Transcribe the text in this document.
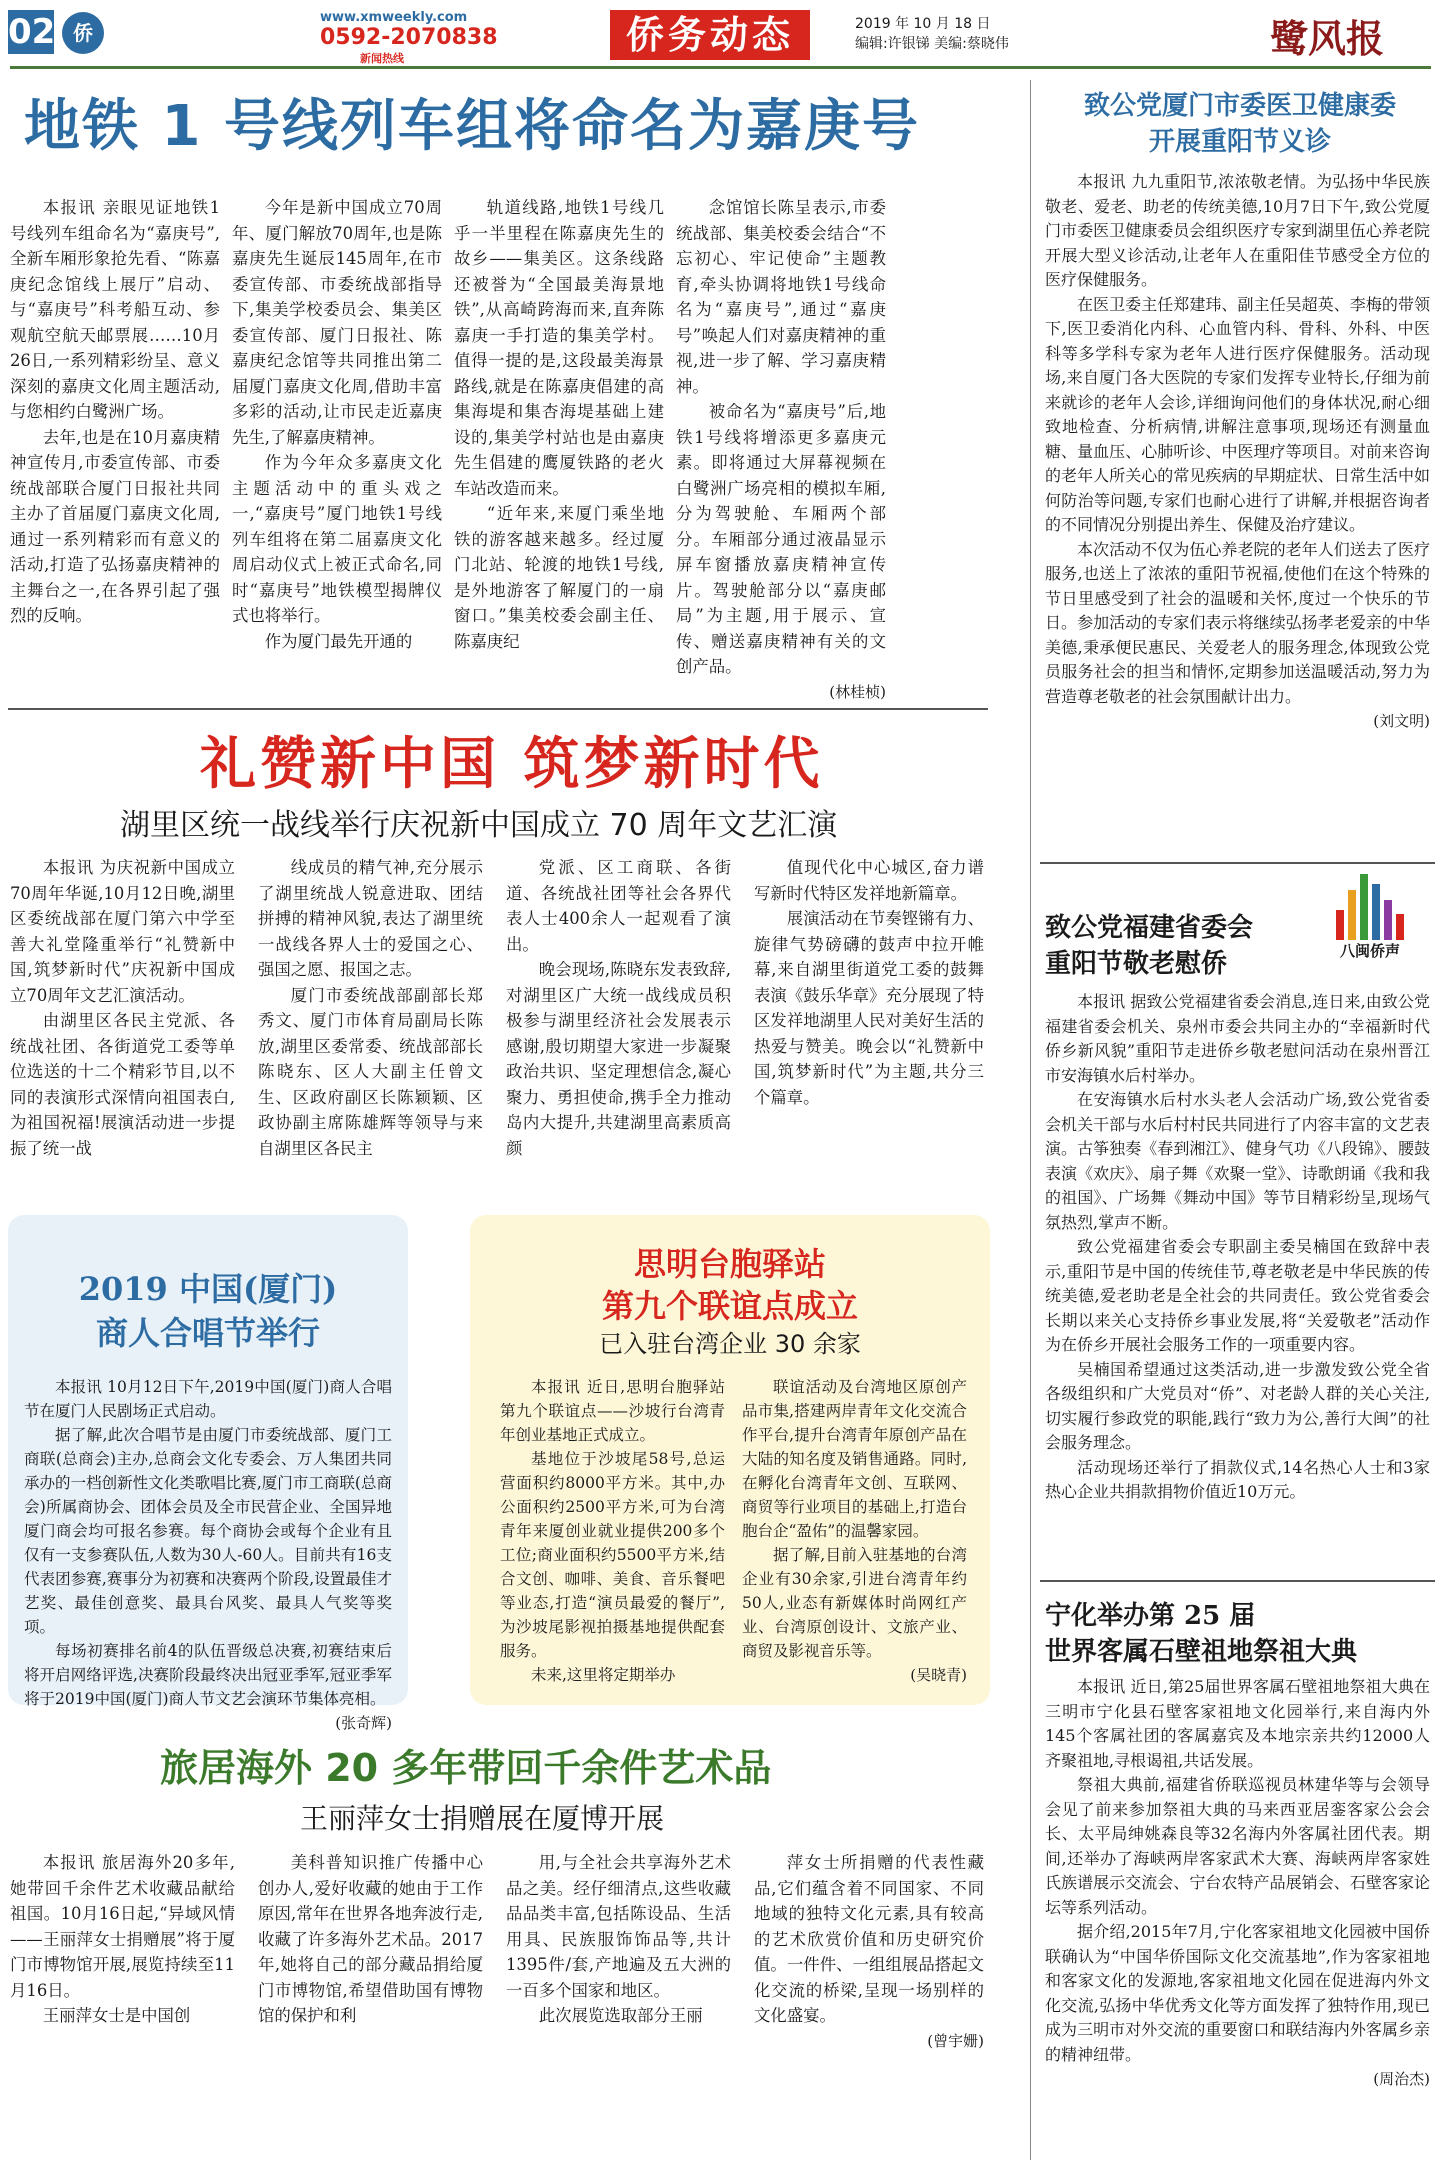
02 侨
www.xmweekly.com
0592-2070838
新闻热线
侨务动态	2019 年 10 月 18 日
编辑:许银锑 美编:蔡晓伟	鹭风报
地铁 1 号线列车组将命名为嘉庚号

本报讯 亲眼见证地铁1号线列车组命名为“嘉庚号”,全新车厢形象抢先看、“陈嘉庚纪念馆线上展厅”启动、与“嘉庚号”科考船互动、参观航空航天邮票展……10月26日,一系列精彩纷呈、意义深刻的嘉庚文化周主题活动,与您相约白鹭洲广场。

去年,也是在10月嘉庚精神宣传月,市委宣传部、市委统战部联合厦门日报社共同主办了首届厦门嘉庚文化周,通过一系列精彩而有意义的活动,打造了弘扬嘉庚精神的主舞台之一,在各界引起了强烈的反响。

今年是新中国成立70周年、厦门解放70周年,也是陈嘉庚先生诞辰145周年,在市委宣传部、市委统战部指导下,集美学校委员会、集美区委宣传部、厦门日报社、陈嘉庚纪念馆等共同推出第二届厦门嘉庚文化周,借助丰富多彩的活动,让市民走近嘉庚先生,了解嘉庚精神。

作为今年众多嘉庚文化主题活动中的重头戏之一,“嘉庚号”厦门地铁1号线列车组将在第二届嘉庚文化周启动仪式上被正式命名,同时“嘉庚号”地铁模型揭牌仪式也将举行。

作为厦门最先开通的

轨道线路,地铁1号线几乎一半里程在陈嘉庚先生的故乡——集美区。这条线路还被誉为“全国最美海景地铁”,从高崎跨海而来,直奔陈嘉庚一手打造的集美学村。值得一提的是,这段最美海景路线,就是在陈嘉庚倡建的高集海堤和集杏海堤基础上建设的,集美学村站也是由嘉庚先生倡建的鹰厦铁路的老火车站改造而来。

“近年来,来厦门乘坐地铁的游客越来越多。经过厦门北站、轮渡的地铁1号线,是外地游客了解厦门的一扇窗口。”集美校委会副主任、陈嘉庚纪

念馆馆长陈呈表示,市委统战部、集美校委会结合“不忘初心、牢记使命”主题教育,牵头协调将地铁1号线命名为“嘉庚号”,通过“嘉庚号”唤起人们对嘉庚精神的重视,进一步了解、学习嘉庚精神。

被命名为“嘉庚号”后,地铁1号线将增添更多嘉庚元素。即将通过大屏幕视频在白鹭洲广场亮相的模拟车厢,分为驾驶舱、车厢两个部分。车厢部分通过液晶显示屏车窗播放嘉庚精神宣传片。驾驶舱部分以“嘉庚邮局”为主题,用于展示、宣传、赠送嘉庚精神有关的文创产品。

(林桂桢)
礼赞新中国 筑梦新时代
湖里区统一战线举行庆祝新中国成立 70 周年文艺汇演

本报讯 为庆祝新中国成立70周年华诞,10月12日晚,湖里区委统战部在厦门第六中学至善大礼堂隆重举行“礼赞新中国,筑梦新时代”庆祝新中国成立70周年文艺汇演活动。

由湖里区各民主党派、各统战社团、各街道党工委等单位选送的十二个精彩节目,以不同的表演形式深情向祖国表白,为祖国祝福!展演活动进一步提振了统一战

线成员的精气神,充分展示了湖里统战人锐意进取、团结拼搏的精神风貌,表达了湖里统一战线各界人士的爱国之心、强国之愿、报国之志。

厦门市委统战部副部长郑秀文、厦门市体育局副局长陈放,湖里区委常委、统战部部长陈晓东、区人大副主任曾文生、区政府副区长陈颖颖、区政协副主席陈雄辉等领导与来自湖里区各民主

党派、区工商联、各街道、各统战社团等社会各界代表人士400余人一起观看了演出。

晚会现场,陈晓东发表致辞,对湖里区广大统一战线成员积极参与湖里经济社会发展表示感谢,殷切期望大家进一步凝聚政治共识、坚定理想信念,凝心聚力、勇担使命,携手全力推动岛内大提升,共建湖里高素质高颜

值现代化中心城区,奋力谱写新时代特区发祥地新篇章。

展演活动在节奏铿锵有力、旋律气势磅礴的鼓声中拉开帷幕,来自湖里街道党工委的鼓舞表演《鼓乐华章》充分展现了特区发祥地湖里人民对美好生活的热爱与赞美。晚会以“礼赞新中国,筑梦新时代”为主题,共分三个篇章。

2019 中国(厦门)
商人合唱节举行

本报讯 10月12日下午,2019中国(厦门)商人合唱节在厦门人民剧场正式启动。

据了解,此次合唱节是由厦门市委统战部、厦门工商联(总商会)主办,总商会文化专委会、万人集团共同承办的一档创新性文化类歌唱比赛,厦门市工商联(总商会)所属商协会、团体会员及全市民营企业、全国异地厦门商会均可报名参赛。每个商协会或每个企业有且仅有一支参赛队伍,人数为30人-60人。目前共有16支代表团参赛,赛事分为初赛和决赛两个阶段,设置最佳才艺奖、最佳创意奖、最具台风奖、最具人气奖等奖项。

每场初赛排名前4的队伍晋级总决赛,初赛结束后将开启网络评选,决赛阶段最终决出冠亚季军,冠亚季军将于2019中国(厦门)商人节文艺会演环节集体亮相。

(张奇辉)
思明台胞驿站
第九个联谊点成立
已入驻台湾企业 30 余家

本报讯 近日,思明台胞驿站第九个联谊点——沙坡行台湾青年创业基地正式成立。

基地位于沙坡尾58号,总运营面积约8000平方米。其中,办公面积约2500平方米,可为台湾青年来厦创业就业提供200多个工位;商业面积约5500平方米,结合文创、咖啡、美食、音乐餐吧等业态,打造“演员最爱的餐厅”,为沙坡尾影视拍摄基地提供配套服务。

未来,这里将定期举办

联谊活动及台湾地区原创产品市集,搭建两岸青年文化交流合作平台,提升台湾青年原创产品在大陆的知名度及销售通路。同时,在孵化台湾青年文创、互联网、商贸等行业项目的基础上,打造台胞台企“盈佑”的温馨家园。

据了解,目前入驻基地的台湾企业有30余家,引进台湾青年约50人,业态有新媒体时尚网红产业、台湾原创设计、文旅产业、商贸及影视音乐等。

(吴晓青)
旅居海外 20 多年带回千余件艺术品
王丽萍女士捐赠展在厦博开展

本报讯 旅居海外20多年,她带回千余件艺术收藏品献给祖国。10月16日起,“异域风情——王丽萍女士捐赠展”将于厦门市博物馆开展,展览持续至11月16日。

王丽萍女士是中国创

美科普知识推广传播中心创办人,爱好收藏的她由于工作原因,常年在世界各地奔波行走,收藏了许多海外艺术品。2017年,她将自己的部分藏品捐给厦门市博物馆,希望借助国有博物馆的保护和利

用,与全社会共享海外艺术品之美。经仔细清点,这些收藏品品类丰富,包括陈设品、生活用具、民族服饰饰品等,共计1395件/套,产地遍及五大洲的一百多个国家和地区。

此次展览选取部分王丽

萍女士所捐赠的代表性藏品,它们蕴含着不同国家、不同地域的独特文化元素,具有较高的艺术欣赏价值和历史研究价值。一件件、一组组展品搭起文化交流的桥梁,呈现一场别样的文化盛宴。

(曾宇姗)
致公党厦门市委医卫健康委
开展重阳节义诊

本报讯 九九重阳节,浓浓敬老情。为弘扬中华民族敬老、爱老、助老的传统美德,10月7日下午,致公党厦门市委医卫健康委员会组织医疗专家到湖里伍心养老院开展大型义诊活动,让老年人在重阳佳节感受全方位的医疗保健服务。

在医卫委主任郑建玮、副主任吴超英、李梅的带领下,医卫委消化内科、心血管内科、骨科、外科、中医科等多学科专家为老年人进行医疗保健服务。活动现场,来自厦门各大医院的专家们发挥专业特长,仔细为前来就诊的老年人会诊,详细询问他们的身体状况,耐心细致地检查、分析病情,讲解注意事项,现场还有测量血糖、量血压、心肺听诊、中医理疗等项目。对前来咨询的老年人所关心的常见疾病的早期症状、日常生活中如何防治等问题,专家们也耐心进行了讲解,并根据咨询者的不同情况分别提出养生、保健及治疗建议。

本次活动不仅为伍心养老院的老年人们送去了医疗服务,也送上了浓浓的重阳节祝福,使他们在这个特殊的节日里感受到了社会的温暖和关怀,度过一个快乐的节日。参加活动的专家们表示将继续弘扬孝老爱亲的中华美德,秉承便民惠民、关爱老人的服务理念,体现致公党员服务社会的担当和情怀,定期参加送温暖活动,努力为营造尊老敬老的社会氛围献计出力。

(刘文明)
致公党福建省委会
重阳节敬老慰侨	八闽侨声

本报讯 据致公党福建省委会消息,连日来,由致公党福建省委会机关、泉州市委会共同主办的“幸福新时代侨乡新风貌”重阳节走进侨乡敬老慰问活动在泉州晋江市安海镇水后村举办。

在安海镇水后村水头老人会活动广场,致公党省委会机关干部与水后村村民共同进行了内容丰富的文艺表演。古筝独奏《春到湘江》、健身气功《八段锦》、腰鼓表演《欢庆》、扇子舞《欢聚一堂》、诗歌朗诵《我和我的祖国》、广场舞《舞动中国》等节目精彩纷呈,现场气氛热烈,掌声不断。

致公党福建省委会专职副主委吴楠国在致辞中表示,重阳节是中国的传统佳节,尊老敬老是中华民族的传统美德,爱老助老是全社会的共同责任。致公党省委会长期以来关心支持侨乡事业发展,将“关爱敬老”活动作为在侨乡开展社会服务工作的一项重要内容。

吴楠国希望通过这类活动,进一步激发致公党全省各级组织和广大党员对“侨”、对老龄人群的关心关注,切实履行参政党的职能,践行“致力为公,善行大闽”的社会服务理念。

活动现场还举行了捐款仪式,14名热心人士和3家热心企业共捐款捐物价值近10万元。

宁化举办第 25 届
世界客属石壁祖地祭祖大典

本报讯 近日,第25届世界客属石壁祖地祭祖大典在三明市宁化县石壁客家祖地文化园举行,来自海内外145个客属社团的客属嘉宾及本地宗亲共约12000人齐聚祖地,寻根谒祖,共话发展。

祭祖大典前,福建省侨联巡视员林建华等与会领导会见了前来参加祭祖大典的马来西亚居銮客家公会会长、太平局绅姚森良等32名海内外客属社团代表。期间,还举办了海峡两岸客家武术大赛、海峡两岸客家姓氏族谱展示交流会、宁台农特产品展销会、石壁客家论坛等系列活动。

据介绍,2015年7月,宁化客家祖地文化园被中国侨联确认为“中国华侨国际文化交流基地”,作为客家祖地和客家文化的发源地,客家祖地文化园在促进海内外文化交流,弘扬中华优秀文化等方面发挥了独特作用,现已成为三明市对外交流的重要窗口和联结海内外客属乡亲的精神纽带。

(周治杰)
